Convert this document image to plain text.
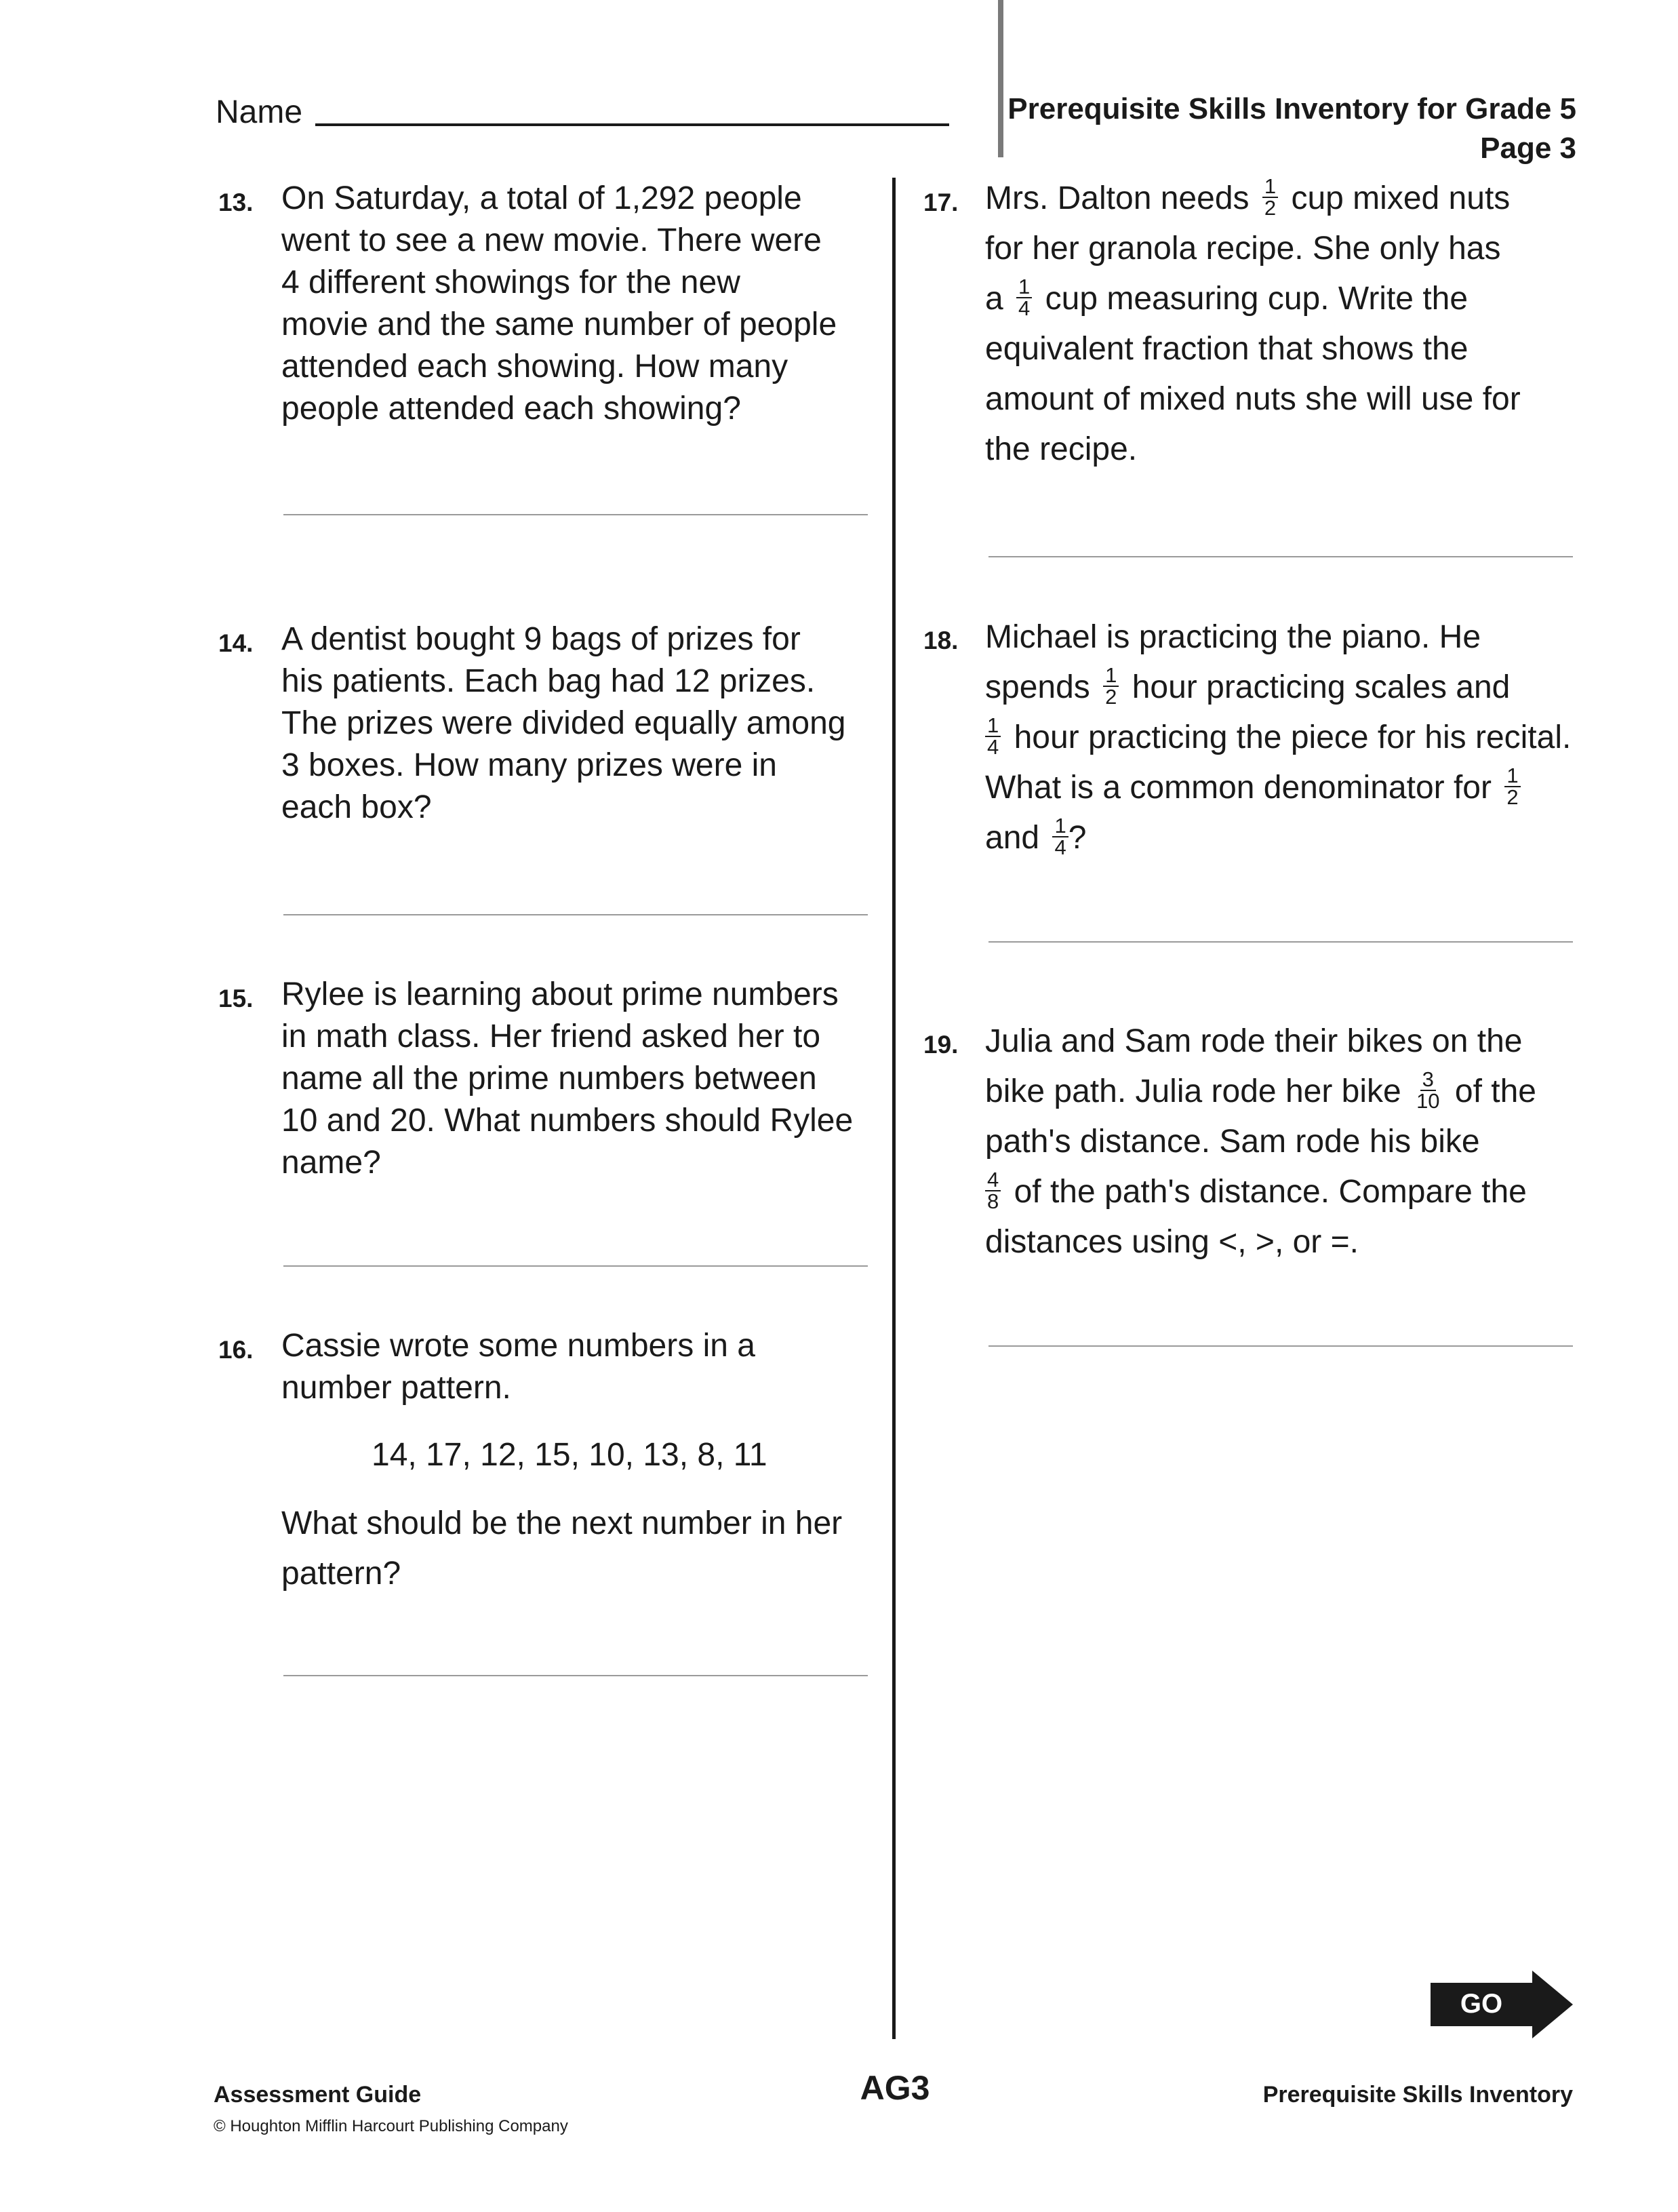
Name	Prerequisite Skills Inventory for Grade 5
Page 3
13. On Saturday, a total of 1,292 people
went to see a new movie. There were
4 different showings for the new
movie and the same number of people
attended each showing. How many
people attended each showing?
14. A dentist bought 9 bags of prizes for
his patients. Each bag had 12 prizes.
The prizes were divided equally among
3 boxes. How many prizes were in
each box?
15. Rylee is learning about prime numbers
in math class. Her friend asked her to
name all the prime numbers between
10 and 20. What numbers should Rylee
name?
16. Cassie wrote some numbers in a
number pattern.
14, 17, 12, 15, 10, 13, 8, 11
What should be the next number in her
pattern?
17. Mrs. Dalton needs $\frac{1}{2}$ cup mixed nuts
for her granola recipe. She only has
a $\frac{1}{4}$ cup measuring cup. Write the
equivalent fraction that shows the
amount of mixed nuts she will use for
the recipe.
18. Michael is practicing the piano. He
spends $\frac{1}{2}$ hour practicing scales and
$\frac{1}{4}$ hour practicing the piece for his recital.
What is a common denominator for $\frac{1}{2}$
and $\frac{1}{4}$ ?
19. Julia and Sam rode their bikes on the
bike path. Julia rode her bike $\frac{3}{10}$ of the
path's distance. Sam rode his bike
$\frac{4}{8}$ of the path's distance. Compare the
distances using <, >, or =.
GO ON
Assessment Guide
© Houghton Mifflin Harcourt Publishing Company
AG3	Prerequisite Skills Inventory
